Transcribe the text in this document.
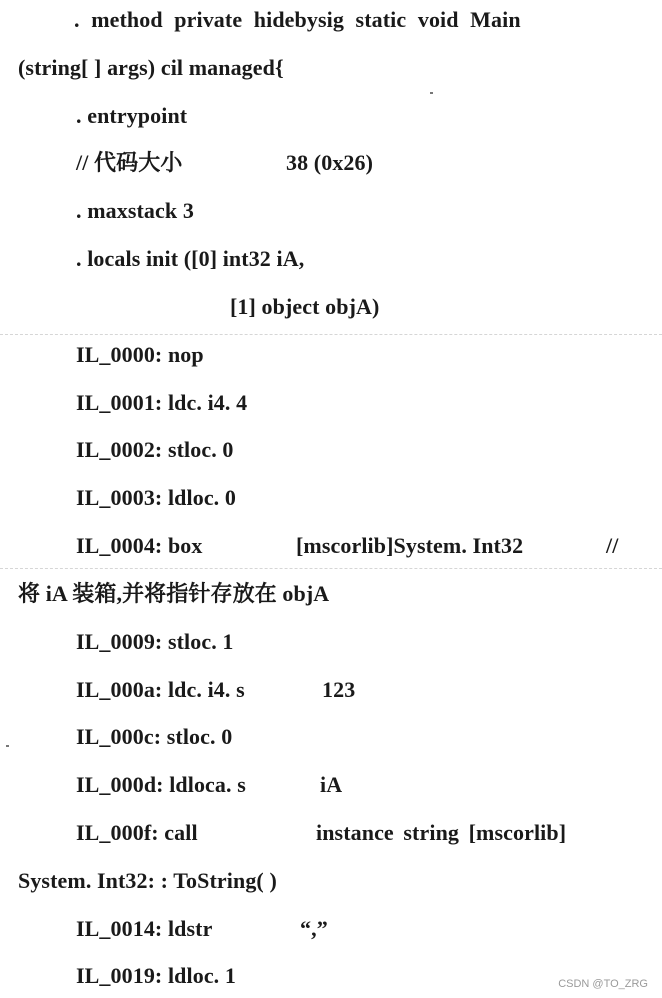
. method private hidebysig static void Main
(string[ ] args) cil managed{
. entrypoint
// 代码大小	38 (0x26)
. maxstack 3
. locals init ([0] int32 iA,
[1] object objA)
IL_0000: nop
IL_0001: ldc. i4. 4
IL_0002: stloc. 0
IL_0003: ldloc. 0
IL_0004: box	[mscorlib]System. Int32	//
将 iA 装箱,并将指针存放在 objA
IL_0009: stloc. 1
IL_000a: ldc. i4. s	123
IL_000c: stloc. 0
IL_000d: ldloca. s	iA
IL_000f: call	instance string [mscorlib]
System. Int32: : ToString( )
IL_0014: ldstr	“,”
IL_0019: ldloc. 1	CSDN @TO_ZRG
